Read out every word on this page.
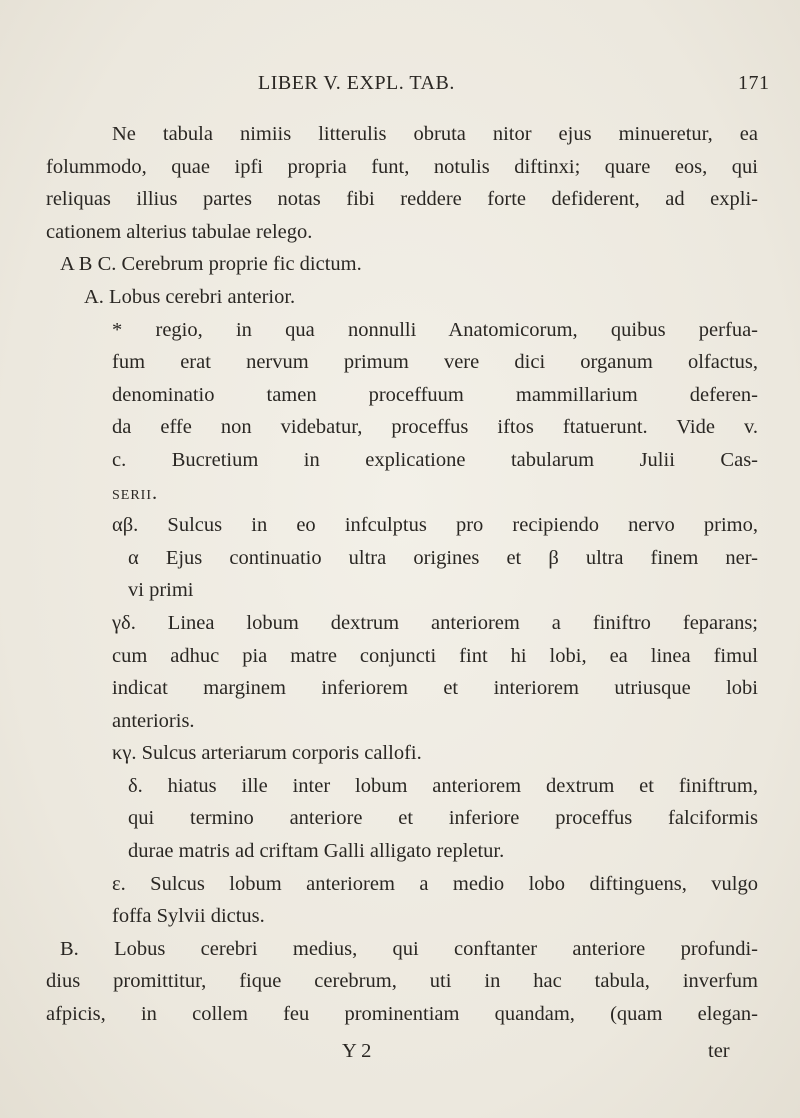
LIBER V. EXPL. TAB.	171
Ne tabula nimiis litterulis obruta nitor ejus minueretur, ea
folummodo, quae ipfi propria funt, notulis diftinxi; quare eos, qui
reliquas illius partes notas fibi reddere forte defiderent, ad expli-
cationem alterius tabulae relego.
A B C. Cerebrum proprie fic dictum.
A. Lobus cerebri anterior.
* regio, in qua nonnulli Anatomicorum, quibus perfua-
fum erat nervum primum vere dici organum olfactus,
denominatio tamen proceffuum mammillarium deferen-
da effe non videbatur, proceffus iftos ftatuerunt. Vide v.
c. Bucretium in explicatione tabularum Julii Cas-
serii.
αβ. Sulcus in eo infculptus pro recipiendo nervo primo,
α Ejus continuatio ultra origines et β ultra finem ner-
vi primi
γδ. Linea lobum dextrum anteriorem a finiftro feparans;
cum adhuc pia matre conjuncti fint hi lobi, ea linea fimul
indicat marginem inferiorem et interiorem utriusque lobi
anterioris.
κγ. Sulcus arteriarum corporis callofi.
δ. hiatus ille inter lobum anteriorem dextrum et finiftrum,
qui termino anteriore et inferiore proceffus falciformis
durae matris ad criftam Galli alligato repletur.
ε. Sulcus lobum anteriorem a medio lobo diftinguens, vulgo
foffa Sylvii dictus.
B. Lobus cerebri medius, qui conftanter anteriore profundi-
dius promittitur, fique cerebrum, uti in hac tabula, inverfum
afpicis, in collem feu prominentiam quandam, (quam elegan-
Y 2	ter
